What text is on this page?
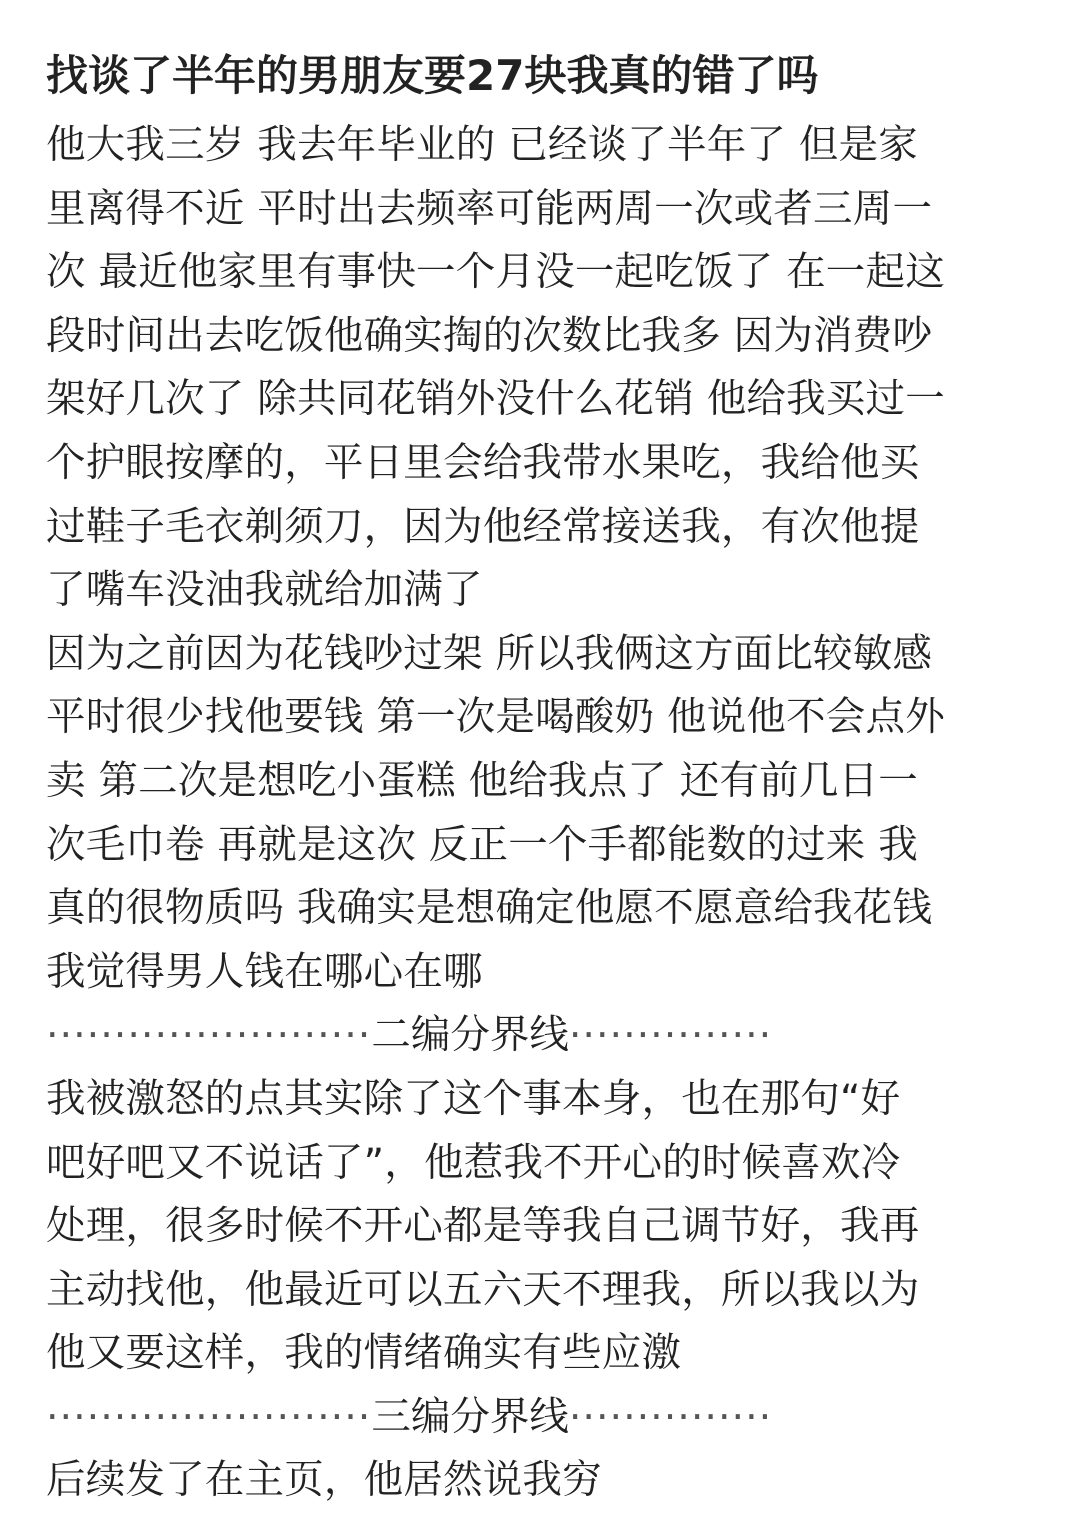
找谈了半年的男朋友要27块我真的错了吗
他大我三岁 我去年毕业的 已经谈了半年了 但是家
里离得不近 平时出去频率可能两周一次或者三周一
次 最近他家里有事快一个月没一起吃饭了 在一起这
段时间出去吃饭他确实掏的次数比我多 因为消费吵
架好几次了 除共同花销外没什么花销 他给我买过一
个护眼按摩的，平日里会给我带水果吃，我给他买
过鞋子毛衣剃须刀，因为他经常接送我，有次他提
了嘴车没油我就给加满了
因为之前因为花钱吵过架 所以我俩这方面比较敏感
平时很少找他要钱 第一次是喝酸奶 他说他不会点外
卖 第二次是想吃小蛋糕 他给我点了 还有前几日一
次毛巾卷 再就是这次 反正一个手都能数的过来 我
真的很物质吗 我确实是想确定他愿不愿意给我花钱
我觉得男人钱在哪心在哪
························二编分界线···············
我被激怒的点其实除了这个事本身，也在那句“好
吧好吧又不说话了”，他惹我不开心的时候喜欢冷
处理，很多时候不开心都是等我自己调节好，我再
主动找他，他最近可以五六天不理我，所以我以为
他又要这样，我的情绪确实有些应激
························三编分界线···············
后续发了在主页，他居然说我穷
